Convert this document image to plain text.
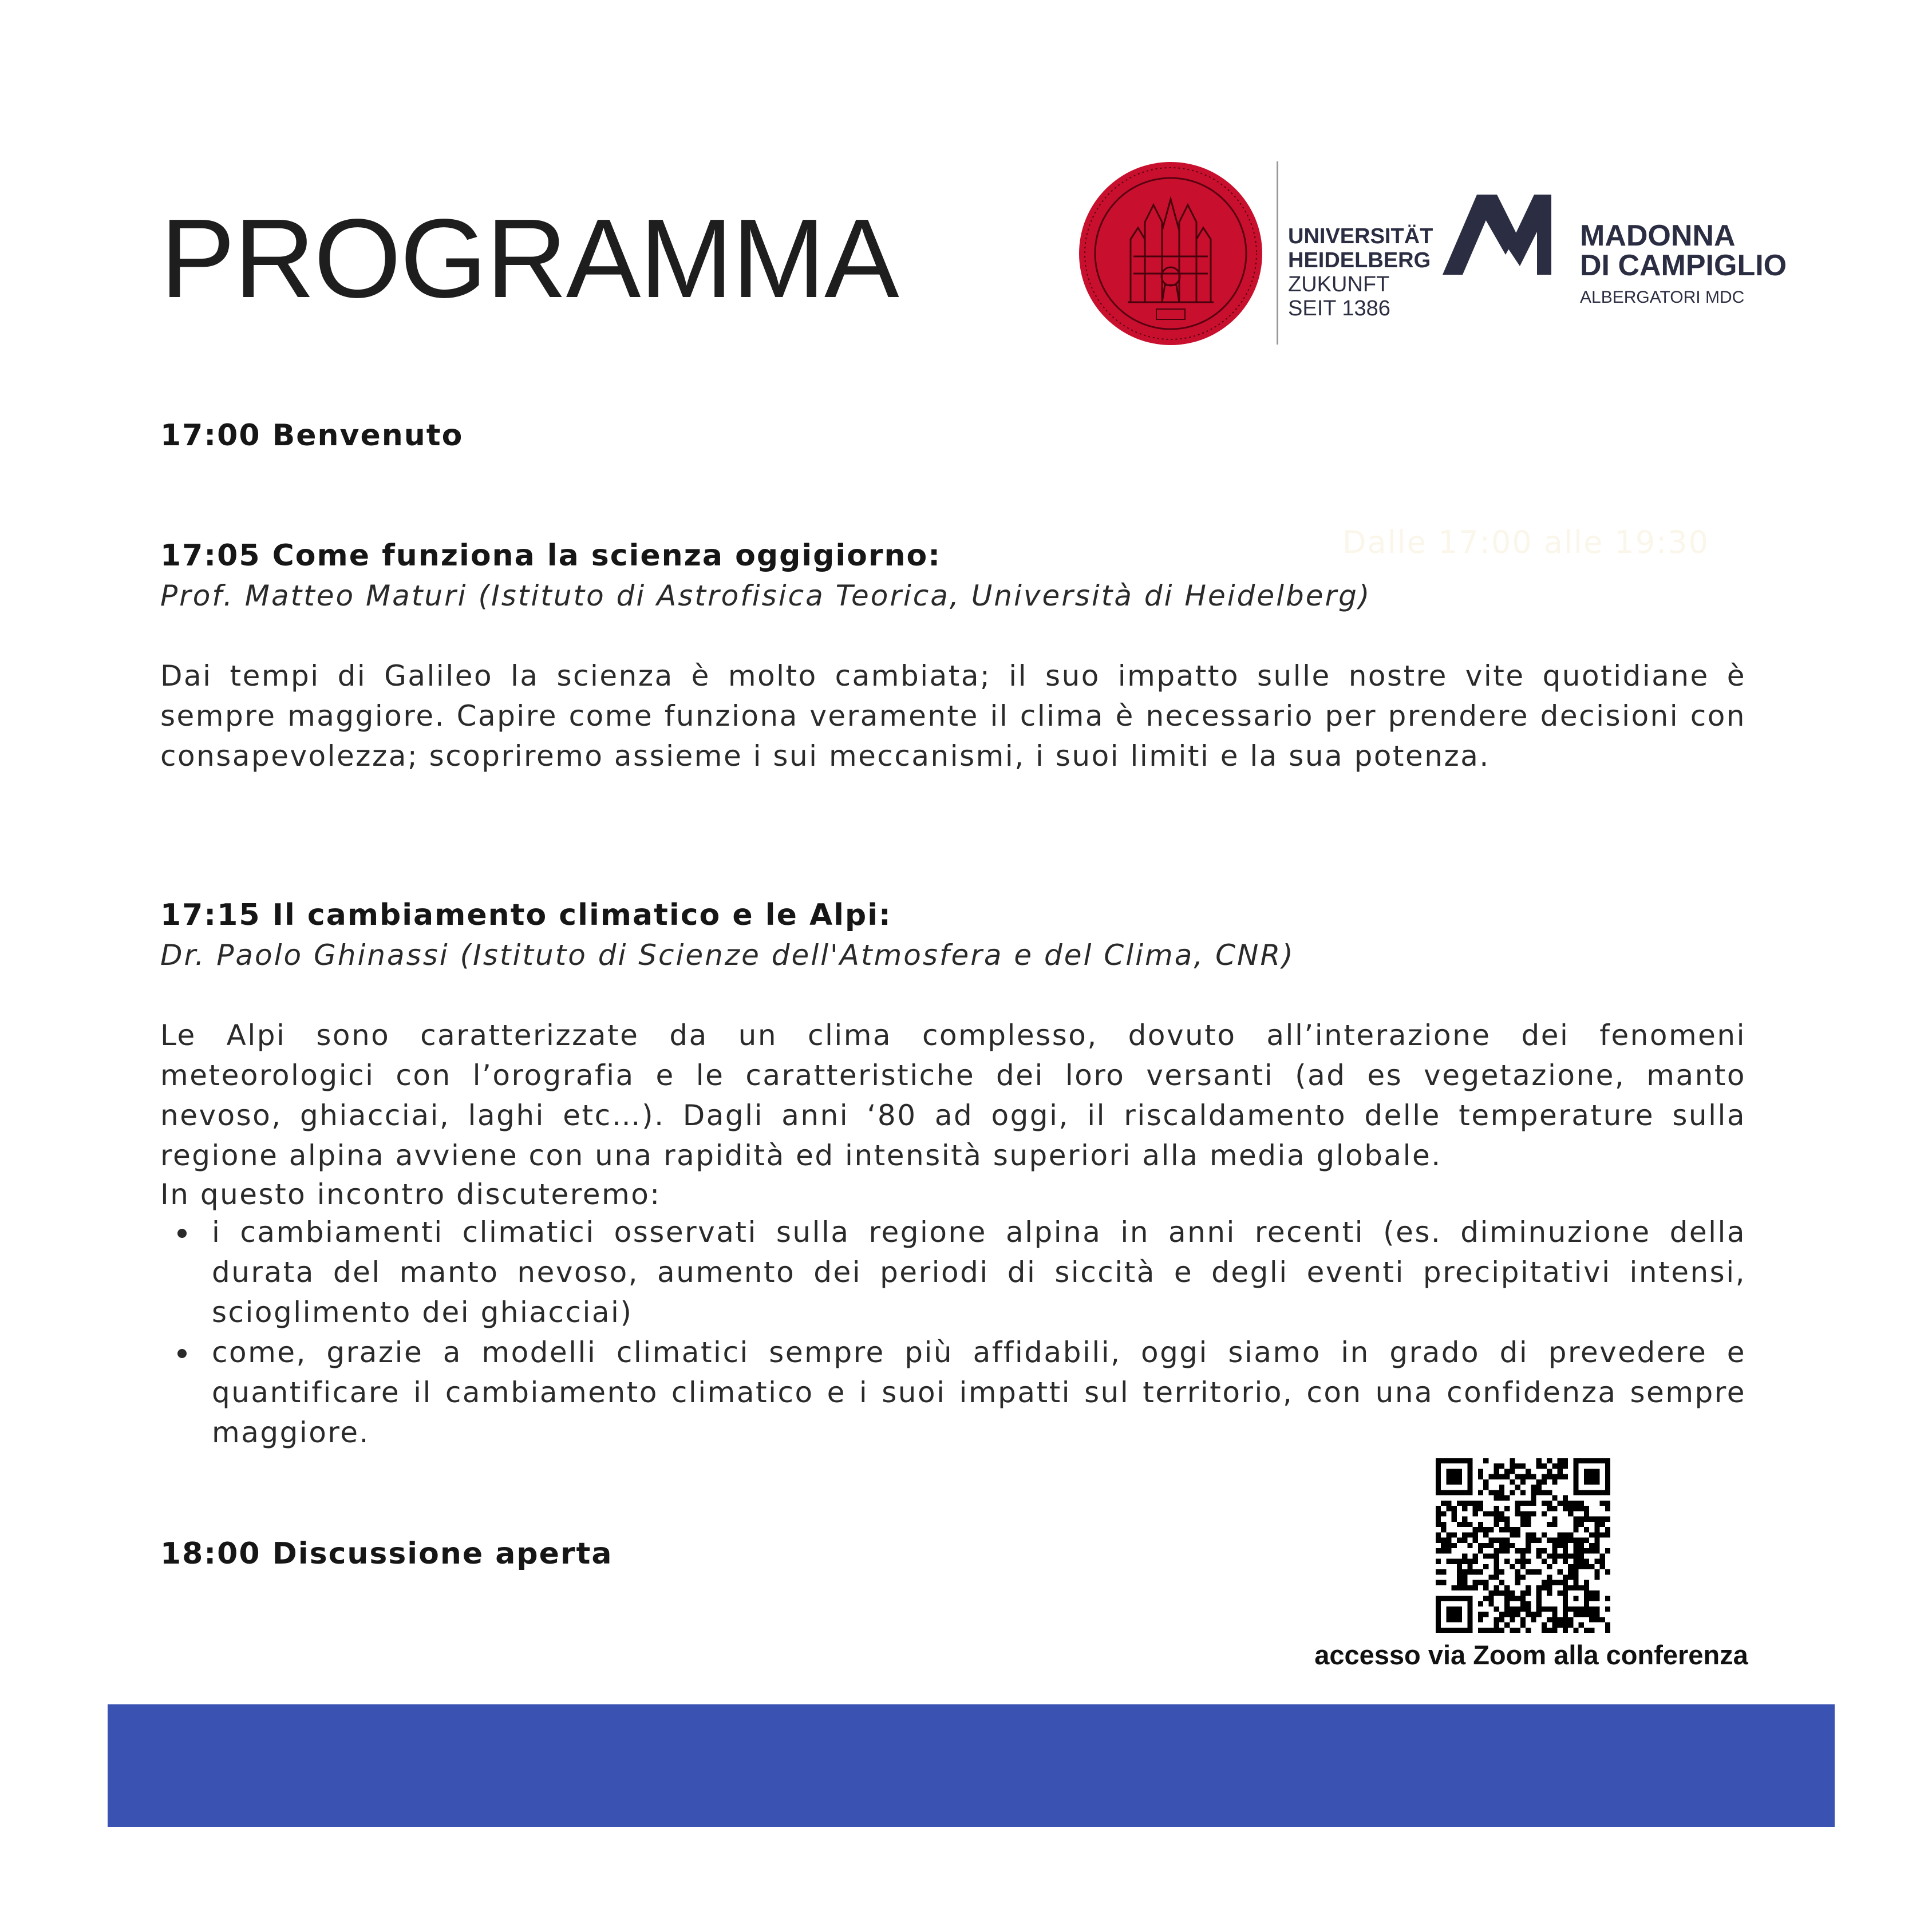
PROGRAMMA	UNIVERSITÄT
HEIDELBERG
ZUKUNFT
SEIT 1386
MADONNA
DI CAMPIGLIO
ALBERGATORI MDC
Dalle 17:00 alle 19:30
17:00 Benvenuto
17:05 Come funziona la scienza oggigiorno:
Prof. Matteo Maturi (Istituto di Astrofisica Teorica, Università di Heidelberg)

Dai tempi di Galileo la scienza è molto cambiata; il suo impatto sulle nostre vite quotidiane è sempre maggiore. Capire come funziona veramente il clima è necessario per prendere decisioni con consapevolezza; scopriremo assieme i sui meccanismi, i suoi limiti e la sua potenza.

17:15 Il cambiamento climatico e le Alpi:
Dr. Paolo Ghinassi (Istituto di Scienze dell'Atmosfera e del Clima, CNR)

Le Alpi sono caratterizzate da un clima complesso, dovuto all’interazione dei fenomeni meteorologici con l’orografia e le caratteristiche dei loro versanti (ad es vegetazione, manto nevoso, ghiacciai, laghi etc…). Dagli anni ‘80 ad oggi, il riscaldamento delle temperature sulla regione alpina avviene con una rapidità ed intensità superiori alla media globale.

In questo incontro discuteremo:
i cambiamenti climatici osservati sulla regione alpina in anni recenti (es. diminuzione della durata del manto nevoso, aumento dei periodi di siccità e degli eventi precipitativi intensi, scioglimento dei ghiacciai)
come, grazie a modelli climatici sempre più affidabili, oggi siamo in grado di prevedere e quantificare il cambiamento climatico e i suoi impatti sul territorio, con una confidenza sempre maggiore.
18:00 Discussione aperta
accesso via Zoom alla conferenza
